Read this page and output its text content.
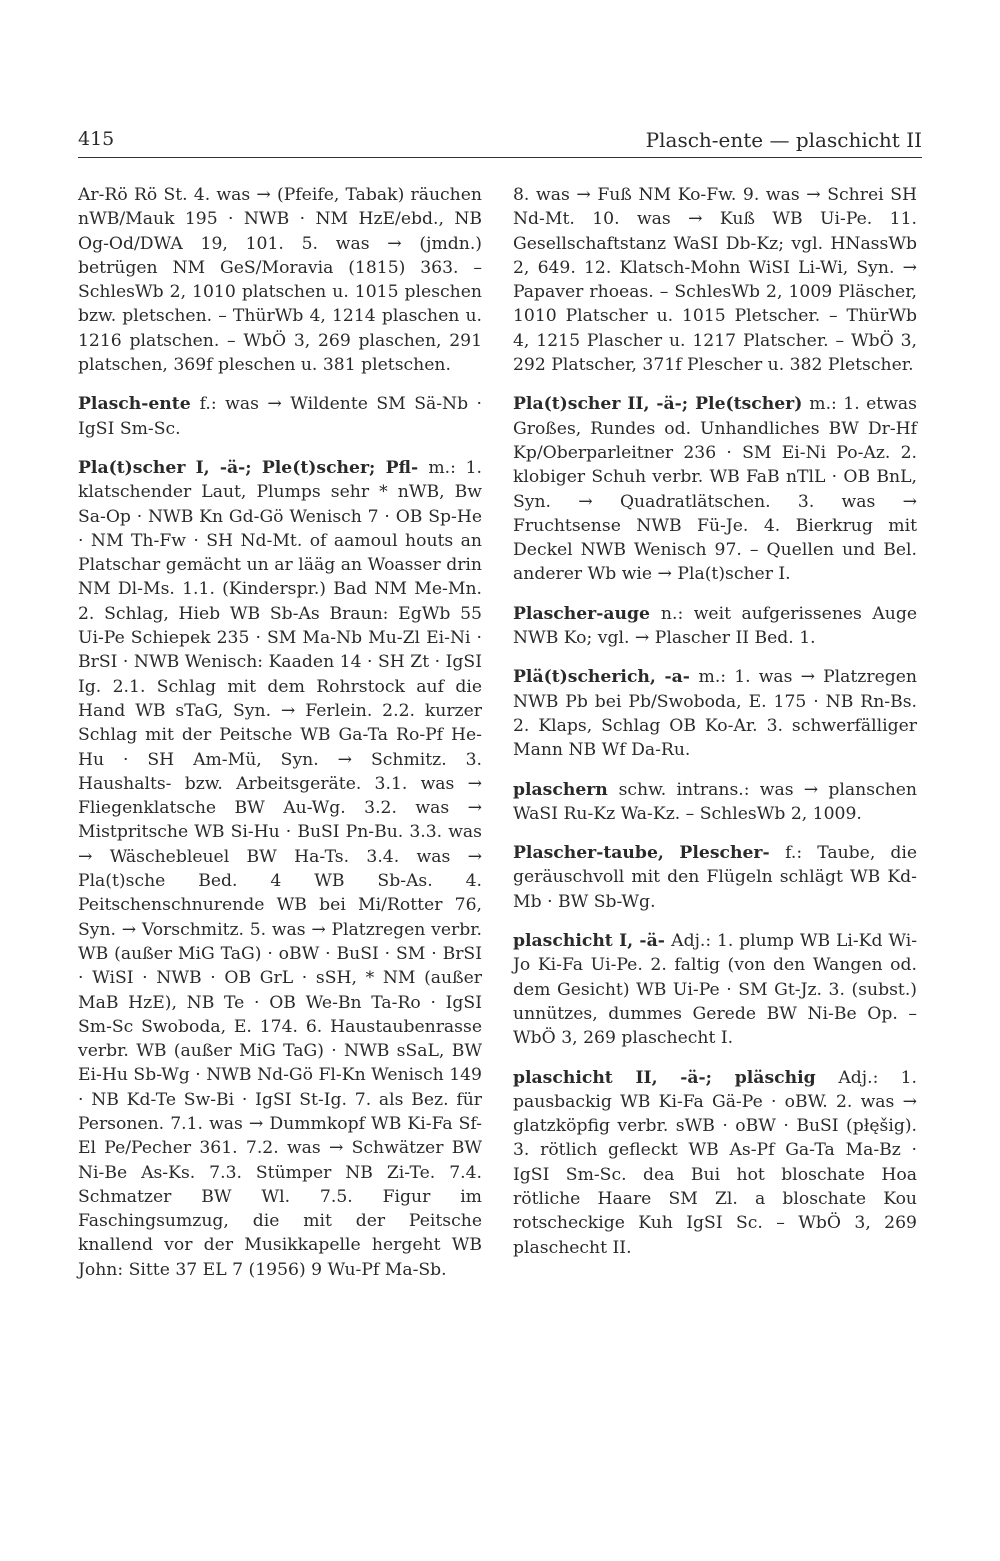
415	Plasch-ente — plaschicht II
Ar-Rö Rö St. 4. was → (Pfeife, Tabak) räuchen nWB/Mauk 195 · NWB · NM HzE/ebd., NB Og-Od/DWA 19, 101. 5. was → (jmdn.) betrügen NM GeS/Moravia (1815) 363. – SchlesWb 2, 1010 platschen u. 1015 pleschen bzw. pletschen. – ThürWb 4, 1214 plaschen u. 1216 platschen. – WbÖ 3, 269 plaschen, 291 platschen, 369f pleschen u. 381 pletschen.
Plasch-ente f.: was → Wildente SM Sä-Nb · IgSI Sm-Sc.
Pla(t)scher I, -ä-; Ple(t)scher; Pfl- m.: 1. klatschender Laut, Plumps sehr * nWB, Bw Sa-Op · NWB Kn Gd-Gö Wenisch 7 · OB Sp-He · NM Th-Fw · SH Nd-Mt. of aamoul houts an Platschar gemächt un ar lääg an Woasser drin NM Dl-Ms. 1.1. (Kinderspr.) Bad NM Me-Mn. 2. Schlag, Hieb WB Sb-As Braun: EgWb 55 Ui-Pe Schiepek 235 · SM Ma-Nb Mu-Zl Ei-Ni · BrSI · NWB Wenisch: Kaaden 14 · SH Zt · IgSI Ig. 2.1. Schlag mit dem Rohrstock auf die Hand WB sTaG, Syn. → Ferlein. 2.2. kurzer Schlag mit der Peitsche WB Ga-Ta Ro-Pf He-Hu · SH Am-Mü, Syn. → Schmitz. 3. Haushalts- bzw. Arbeitsgeräte. 3.1. was → Fliegenklatsche BW Au-Wg. 3.2. was → Mistpritsche WB Si-Hu · BuSI Pn-Bu. 3.3. was → Wäschebleuel BW Ha-Ts. 3.4. was → Pla(t)sche Bed. 4 WB Sb-As. 4. Peitschenschnurende WB bei Mi/Rotter 76, Syn. → Vorschmitz. 5. was → Platzregen verbr. WB (außer MiG TaG) · oBW · BuSI · SM · BrSI · WiSI · NWB · OB GrL · sSH, * NM (außer MaB HzE), NB Te · OB We-Bn Ta-Ro · IgSI Sm-Sc Swoboda, E. 174. 6. Haustaubenrasse verbr. WB (außer MiG TaG) · NWB sSaL, BW Ei-Hu Sb-Wg · NWB Nd-Gö Fl-Kn Wenisch 149 · NB Kd-Te Sw-Bi · IgSI St-Ig. 7. als Bez. für Personen. 7.1. was → Dummkopf WB Ki-Fa Sf-El Pe/Pecher 361. 7.2. was → Schwätzer BW Ni-Be As-Ks. 7.3. Stümper NB Zi-Te. 7.4. Schmatzer BW Wl. 7.5. Figur im Faschingsumzug, die mit der Peitsche knallend vor der Musikkapelle hergeht WB John: Sitte 37 EL 7 (1956) 9 Wu-Pf Ma-Sb.
8. was → Fuß NM Ko-Fw. 9. was → Schrei SH Nd-Mt. 10. was → Kuß WB Ui-Pe. 11. Gesellschaftstanz WaSI Db-Kz; vgl. HNassWb 2, 649. 12. Klatsch-Mohn WiSI Li-Wi, Syn. → Papaver rhoeas. – SchlesWb 2, 1009 Pläscher, 1010 Platscher u. 1015 Pletscher. – ThürWb 4, 1215 Plascher u. 1217 Platscher. – WbÖ 3, 292 Platscher, 371f Plescher u. 382 Pletscher.
Pla(t)scher II, -ä-; Ple(tscher) m.: 1. etwas Großes, Rundes od. Unhandliches BW Dr-Hf Kp/Oberparleitner 236 · SM Ei-Ni Po-Az. 2. klobiger Schuh verbr. WB FaB nTlL · OB BnL, Syn. → Quadratlätschen. 3. was → Fruchtsense NWB Fü-Je. 4. Bierkrug mit Deckel NWB Wenisch 97. – Quellen und Bel. anderer Wb wie → Pla(t)scher I.
Plascher-auge n.: weit aufgerissenes Auge NWB Ko; vgl. → Plascher II Bed. 1.
Plä(t)scherich, -a- m.: 1. was → Platzregen NWB Pb bei Pb/Swoboda, E. 175 · NB Rn-Bs. 2. Klaps, Schlag OB Ko-Ar. 3. schwerfälliger Mann NB Wf Da-Ru.
plaschern schw. intrans.: was → planschen WaSI Ru-Kz Wa-Kz. – SchlesWb 2, 1009.
Plascher-taube, Plescher- f.: Taube, die geräuschvoll mit den Flügeln schlägt WB Kd-Mb · BW Sb-Wg.
plaschicht I, -ä- Adj.: 1. plump WB Li-Kd Wi-Jo Ki-Fa Ui-Pe. 2. faltig (von den Wangen od. dem Gesicht) WB Ui-Pe · SM Gt-Jz. 3. (subst.) unnützes, dummes Gerede BW Ni-Be Op. – WbÖ 3, 269 plaschecht I.
plaschicht II, -ä-; pläschig Adj.: 1. pausbackig WB Ki-Fa Gä-Pe · oBW. 2. was → glatzköpfig verbr. sWB · oBW · BuSI (płęšig). 3. rötlich gefleckt WB As-Pf Ga-Ta Ma-Bz · IgSI Sm-Sc. dea Bui hot bloschate Hoa rötliche Haare SM Zl. a bloschate Kou rotscheckige Kuh IgSI Sc. – WbÖ 3, 269 plaschecht II.
